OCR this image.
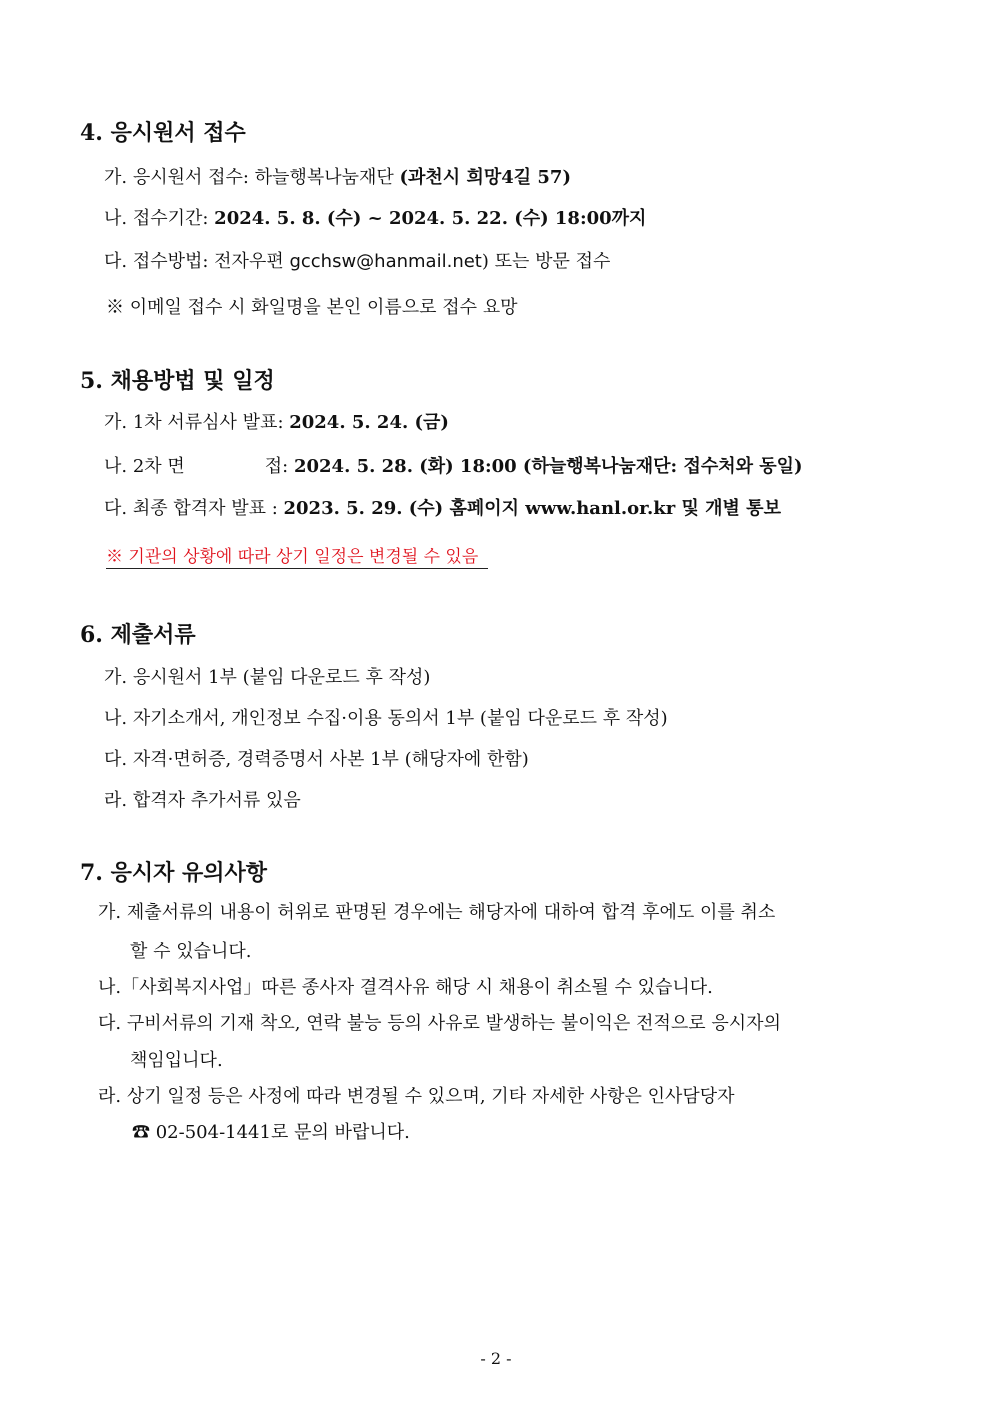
4. 응시원서 접수
가. 응시원서 접수: 하늘행복나눔재단 (과천시 희망4길 57)
나. 접수기간: 2024. 5. 8. (수) ~ 2024. 5. 22. (수) 18:00까지
다. 접수방법: 전자우편 gcchsw@hanmail.net) 또는 방문 접수
※ 이메일 접수 시 화일명을 본인 이름으로 접수 요망
5. 채용방법 및 일정
가. 1차 서류심사 발표: 2024. 5. 24. (금)
나. 2차 면	접: 2024. 5. 28. (화) 18:00 (하늘행복나눔재단: 접수처와 동일)
다. 최종 합격자 발표 : 2023. 5. 29. (수) 홈페이지 www.hanl.or.kr 및 개별 통보
※ 기관의 상황에 따라 상기 일정은 변경될 수 있음
6. 제출서류
가. 응시원서 1부 (붙임 다운로드 후 작성)
나. 자기소개서, 개인정보 수집·이용 동의서 1부 (붙임 다운로드 후 작성)
다. 자격·면허증, 경력증명서 사본 1부 (해당자에 한함)
라. 합격자 추가서류 있음
7. 응시자 유의사항
가. 제출서류의 내용이 허위로 판명된 경우에는 해당자에 대하여 합격 후에도 이를 취소
할 수 있습니다.
나.「사회복지사업」따른 종사자 결격사유 해당 시 채용이 취소될 수 있습니다.
다. 구비서류의 기재 착오, 연락 불능 등의 사유로 발생하는 불이익은 전적으로 응시자의
책임입니다.
라. 상기 일정 등은 사정에 따라 변경될 수 있으며, 기타 자세한 사항은 인사담당자
☎ 02-504-1441로 문의 바랍니다.
- 2 -
